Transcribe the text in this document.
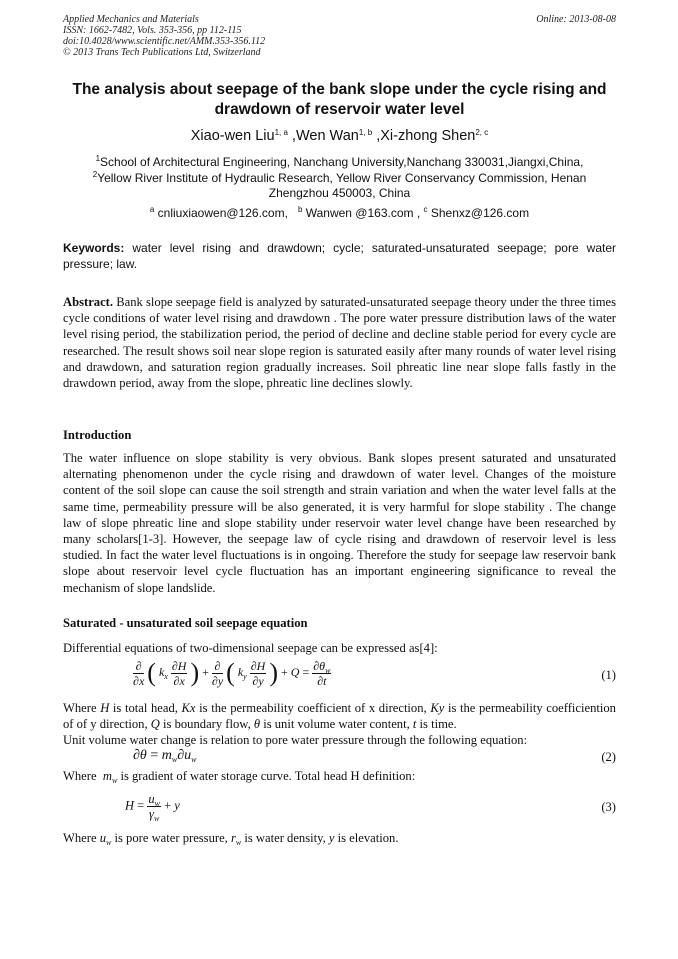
Applied Mechanics and Materials
ISSN: 1662-7482, Vols. 353-356, pp 112-115
doi:10.4028/www.scientific.net/AMM.353-356.112
© 2013 Trans Tech Publications Ltd, Switzerland
Online: 2013-08-08
The analysis about seepage of the bank slope under the cycle rising and drawdown of reservoir water level
Xiao-wen Liu$^{1, a}$ ,Wen Wan$^{1, b}$ ,Xi-zhong Shen$^{2, c}$
$^1$School of Architectural Engineering, Nanchang University,Nanchang 330031,Jiangxi,China,
$^2$Yellow River Institute of Hydraulic Research, Yellow River Conservancy Commission, Henan Zhengzhou 450003, China
$^a$ cnliuxiaowen@126.com, $^b$ Wanwen @163.com , $^c$ Shenxz@126.com
Keywords: water level rising and drawdown; cycle; saturated-unsaturated seepage; pore water pressure; law.
Abstract. Bank slope seepage field is analyzed by saturated-unsaturated seepage theory under the three times cycle conditions of water level rising and drawdown . The pore water pressure distribution laws of the water level rising period, the stabilization period, the period of decline and decline stable period for every cycle are researched. The result shows soil near slope region is saturated easily after many rounds of water level rising and drawdown, and saturation region gradually increases. Soil phreatic line near slope falls fastly in the drawdown period, away from the slope, phreatic line declines slowly.
Introduction
The water influence on slope stability is very obvious. Bank slopes present saturated and unsaturated alternating phenomenon under the cycle rising and drawdown of water level. Changes of the moisture content of the soil slope can cause the soil strength and strain variation and when the water level falls at the same time, permeability pressure will be also generated, it is very harmful for slope stability . The change law of slope phreatic line and slope stability under reservoir water level change have been researched by many scholars[1-3]. However, the seepage law of cycle rising and drawdown of reservoir level is less studied. In fact the water level fluctuations is in ongoing. Therefore the study for seepage law reservoir bank slope about reservoir level cycle fluctuation has an important engineering significance to reveal the mechanism of slope landslide.
Saturated - unsaturated soil seepage equation
Differential equations of two-dimensional seepage can be expressed as[4]:
$\frac{\partial}{\partial x}$ ( $k_x \frac{\partial H}{\partial x}$ ) + $\frac{\partial}{\partial y}$ ( $k_y \frac{\partial H}{\partial y}$ ) + $Q = \frac{\partial\theta_w}{\partial t}$	(1)
Where H is total head, Kx is the permeability coefficient of x direction, Ky is the permeability coefficiention of of y direction, Q is boundary flow, θ is unit volume water content, t is time.
Unit volume water change is relation to pore water pressure through the following equation:
$\partial\theta = m_w\partial u_w$	(2)
Where  $m_w$ is gradient of water storage curve. Total head H definition:
$H = \frac{u_w}{\gamma_w} + y$	(3)
Where $u_w$ is pore water pressure, $r_w$ is water density, y is elevation.
